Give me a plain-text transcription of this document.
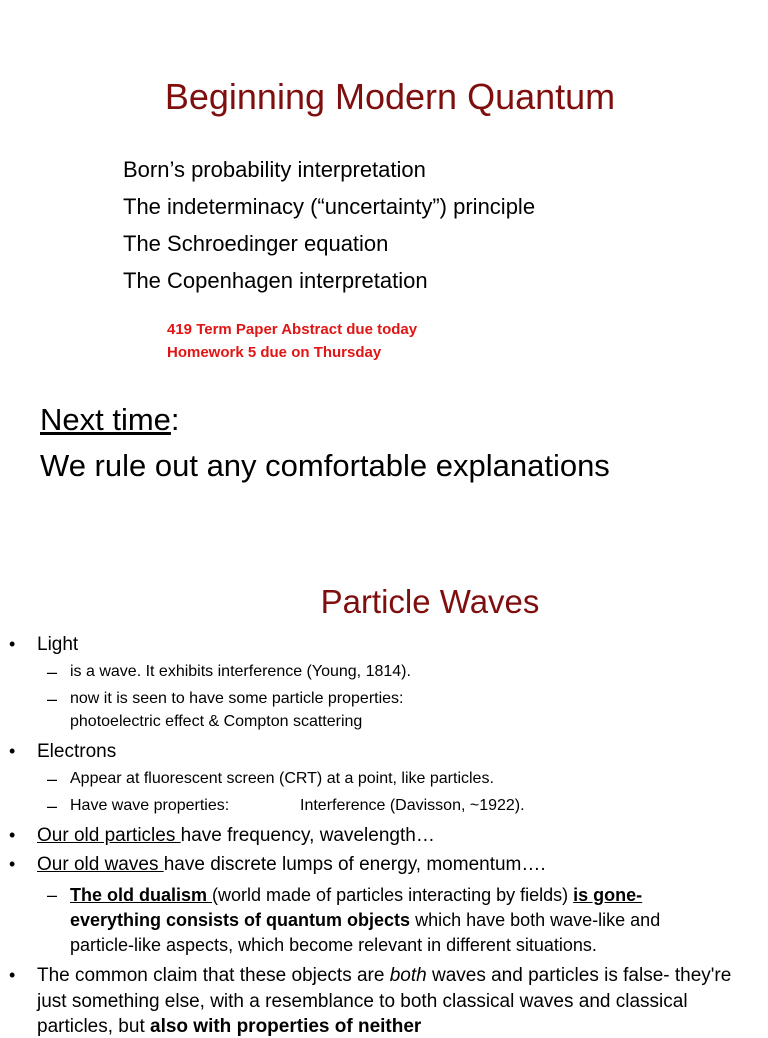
Beginning Modern Quantum
Born’s probability interpretation
The indeterminacy (“uncertainty”) principle
The Schroedinger equation
The Copenhagen interpretation
419 Term Paper Abstract due today
Homework 5 due on Thursday
Next time:
We rule out any comfortable explanations
Particle Waves
• Light
– is a wave. It exhibits interference (Young, 1814).
– now it is seen to have some particle properties:
photoelectric effect & Compton scattering
• Electrons
– Appear at fluorescent screen (CRT) at a point, like particles.
– Have wave properties:	Interference (Davisson, ~1922).
• Our old particles have frequency, wavelength…
• Our old waves have discrete lumps of energy, momentum….
– The old dualism (world made of particles interacting by fields) is gone-
everything consists of quantum objects which have both wave-like and
particle-like aspects, which become relevant in different situations.
• The common claim that these objects are both waves and particles is false- they're
just something else, with a resemblance to both classical waves and classical
particles, but also with properties of neither
